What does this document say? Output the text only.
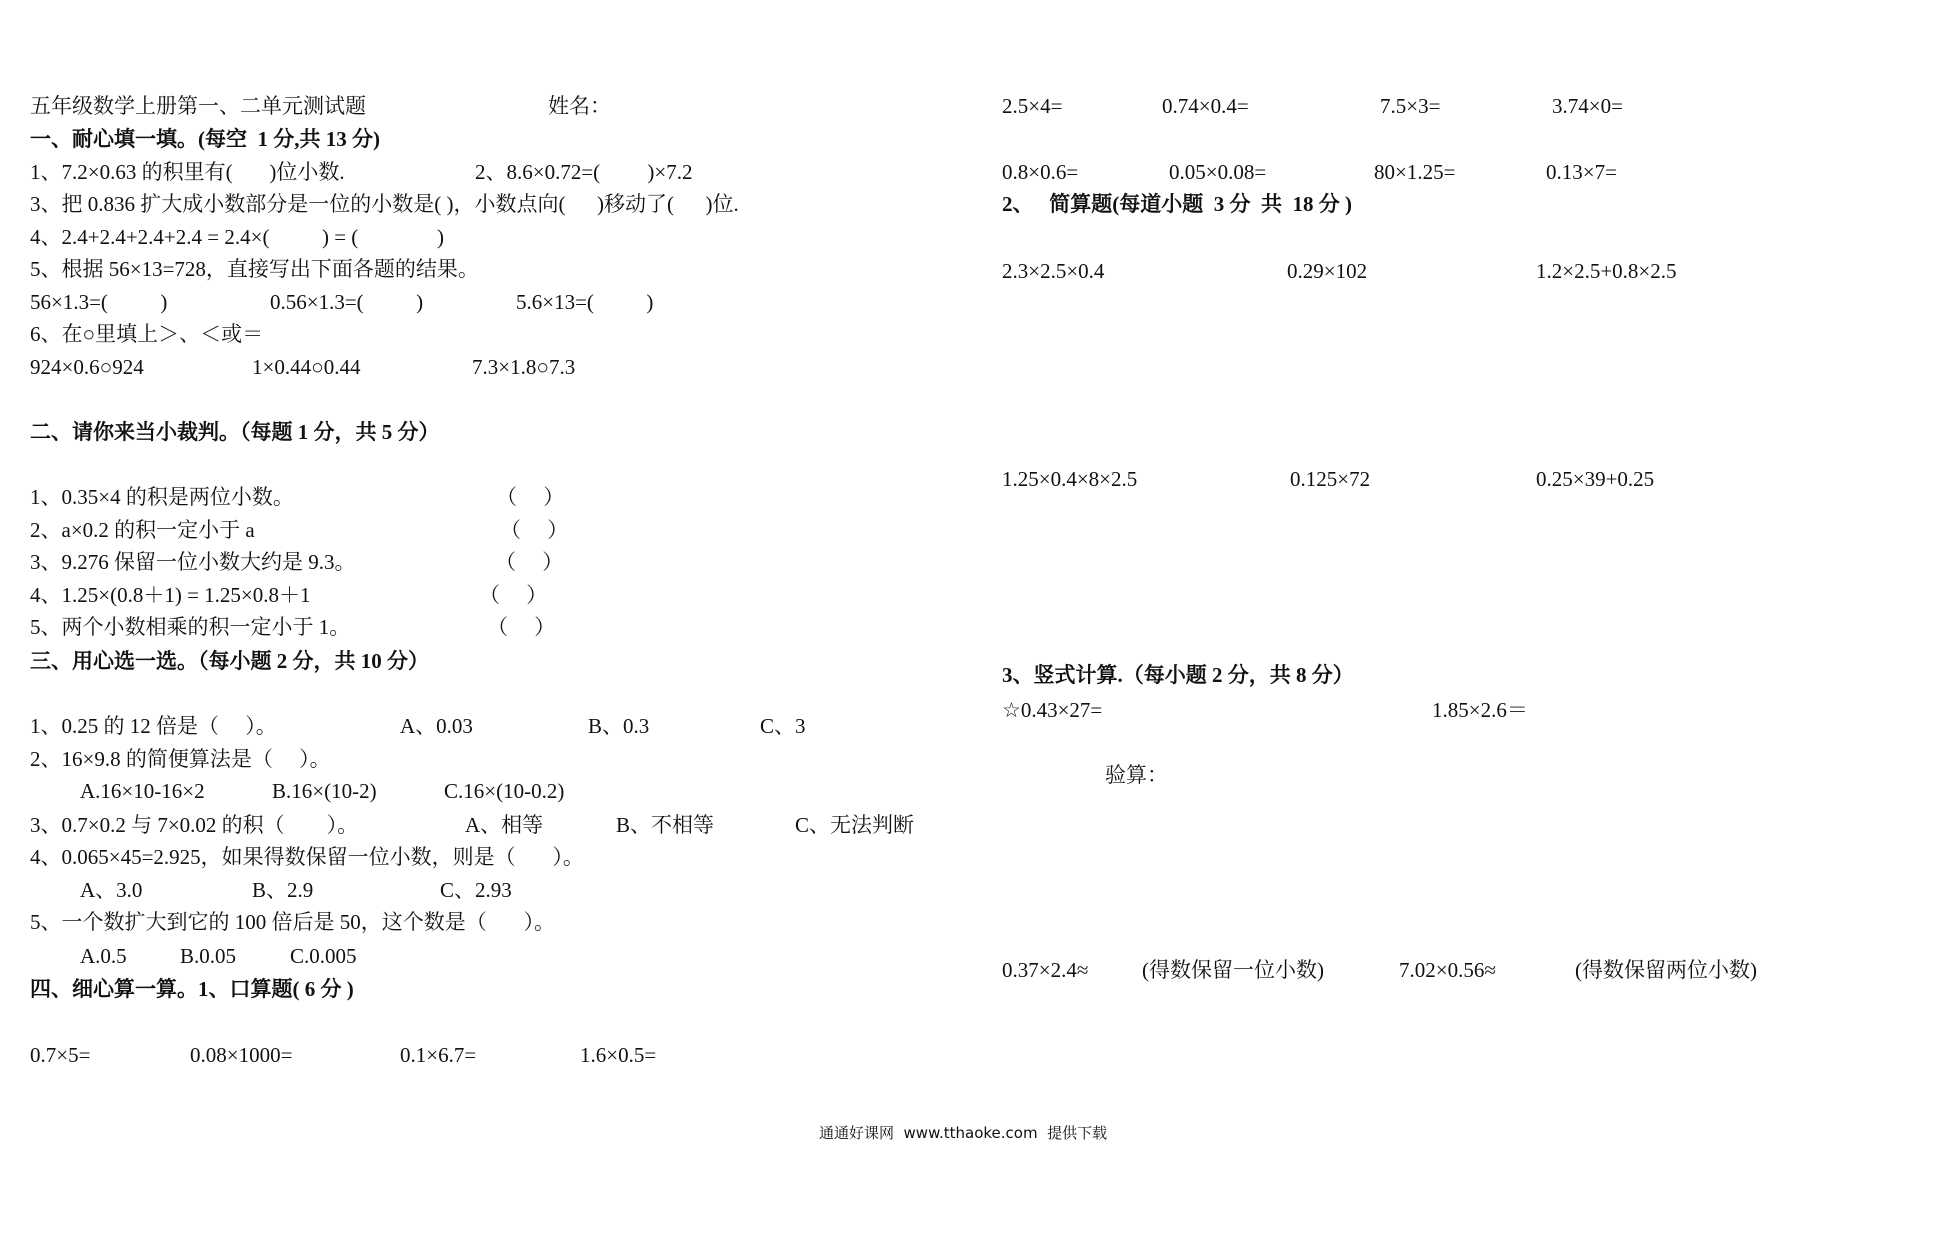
五年级数学上册第一、二单元测试题	姓名：
一、耐心填一填。(每空  1 分,共 13 分)
1、7.2×0.63 的积里有(       )位小数.	2、8.6×0.72=(         )×7.2
3、把 0.836 扩大成小数部分是一位的小数是( )，小数点向(      )移动了(      )位.
4、2.4+2.4+2.4+2.4 = 2.4×(          ) = (               )
5、根据 56×13=728，直接写出下面各题的结果。
56×1.3=(          )	0.56×1.3=(          )	5.6×13=(          )
6、在○里填上＞、＜或＝
924×0.6○924	1×0.44○0.44	7.3×1.8○7.3
二、请你来当小裁判。（每题 1 分，共 5 分）
1、0.35×4 的积是两位小数。	（     ）
2、a×0.2 的积一定小于 a	（     ）
3、9.276 保留一位小数大约是 9.3。	（     ）
4、1.25×(0.8＋1) = 1.25×0.8＋1	（     ）
5、两个小数相乘的积一定小于 1。	（     ）
三、用心选一选。（每小题 2 分，共 10 分）
1、0.25 的 12 倍是（     ）。	A、0.03	B、0.3	C、3
2、16×9.8 的简便算法是（     ）。
A.16×10-16×2	B.16×(10-2)	C.16×(10-0.2)
3、0.7×0.2 与 7×0.02 的积（        ）。	A、相等	B、不相等	C、无法判断
4、0.065×45=2.925，如果得数保留一位小数，则是（       ）。
A、3.0	B、2.9	C、2.93
5、一个数扩大到它的 100 倍后是 50，这个数是（       ）。
A.0.5	B.0.05	C.0.005
四、细心算一算。1、口算题( 6 分 )
0.7×5=	0.08×1000=	0.1×6.7=	1.6×0.5=
2.5×4=	0.74×0.4=	7.5×3=	3.74×0=
0.8×0.6=	0.05×0.08=	80×1.25=	0.13×7=
2、   简算题(每道小题  3 分  共  18 分 )
2.3×2.5×0.4	0.29×102	1.2×2.5+0.8×2.5
1.25×0.4×8×2.5	0.125×72	0.25×39+0.25
3、竖式计算.（每小题 2 分，共 8 分）
☆0.43×27=	1.85×2.6＝
验算：
0.37×2.4≈	(得数保留一位小数)	7.02×0.56≈	(得数保留两位小数)
通通好课网  www.tthaoke.com  提供下载
